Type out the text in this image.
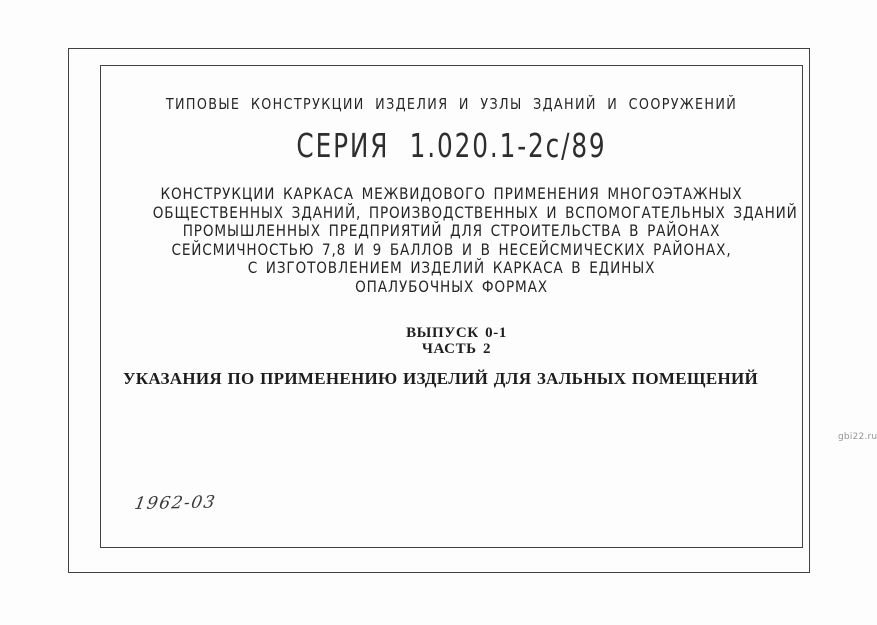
ТИПОВЫЕ КОНСТРУКЦИИ ИЗДЕЛИЯ И УЗЛЫ ЗДАНИЙ И СООРУЖЕНИЙ
СЕРИЯ 1.020.1-2с/89
КОНСТРУКЦИИ КАРКАСА МЕЖВИДОВОГО ПРИМЕНЕНИЯ МНОГОЭТАЖНЫХ
ОБЩЕСТВЕННЫХ ЗДАНИЙ, ПРОИЗВОДСТВЕННЫХ И ВСПОМОГАТЕЛЬНЫХ ЗДАНИЙ
ПРОМЫШЛЕННЫХ ПРЕДПРИЯТИЙ ДЛЯ СТРОИТЕЛЬСТВА В РАЙОНАХ
СЕЙСМИЧНОСТЬЮ 7,8 И 9 БАЛЛОВ И В НЕСЕЙСМИЧЕСКИХ РАЙОНАХ,
С ИЗГОТОВЛЕНИЕМ ИЗДЕЛИЙ КАРКАСА В ЕДИНЫХ
ОПАЛУБОЧНЫХ ФОРМАХ
ВЫПУСК 0-1
ЧАСТЬ 2
УКАЗАНИЯ ПО ПРИМЕНЕНИЮ ИЗДЕЛИЙ ДЛЯ ЗАЛЬНЫХ ПОМЕЩЕНИЙ
1962-03
gbi22.ru
